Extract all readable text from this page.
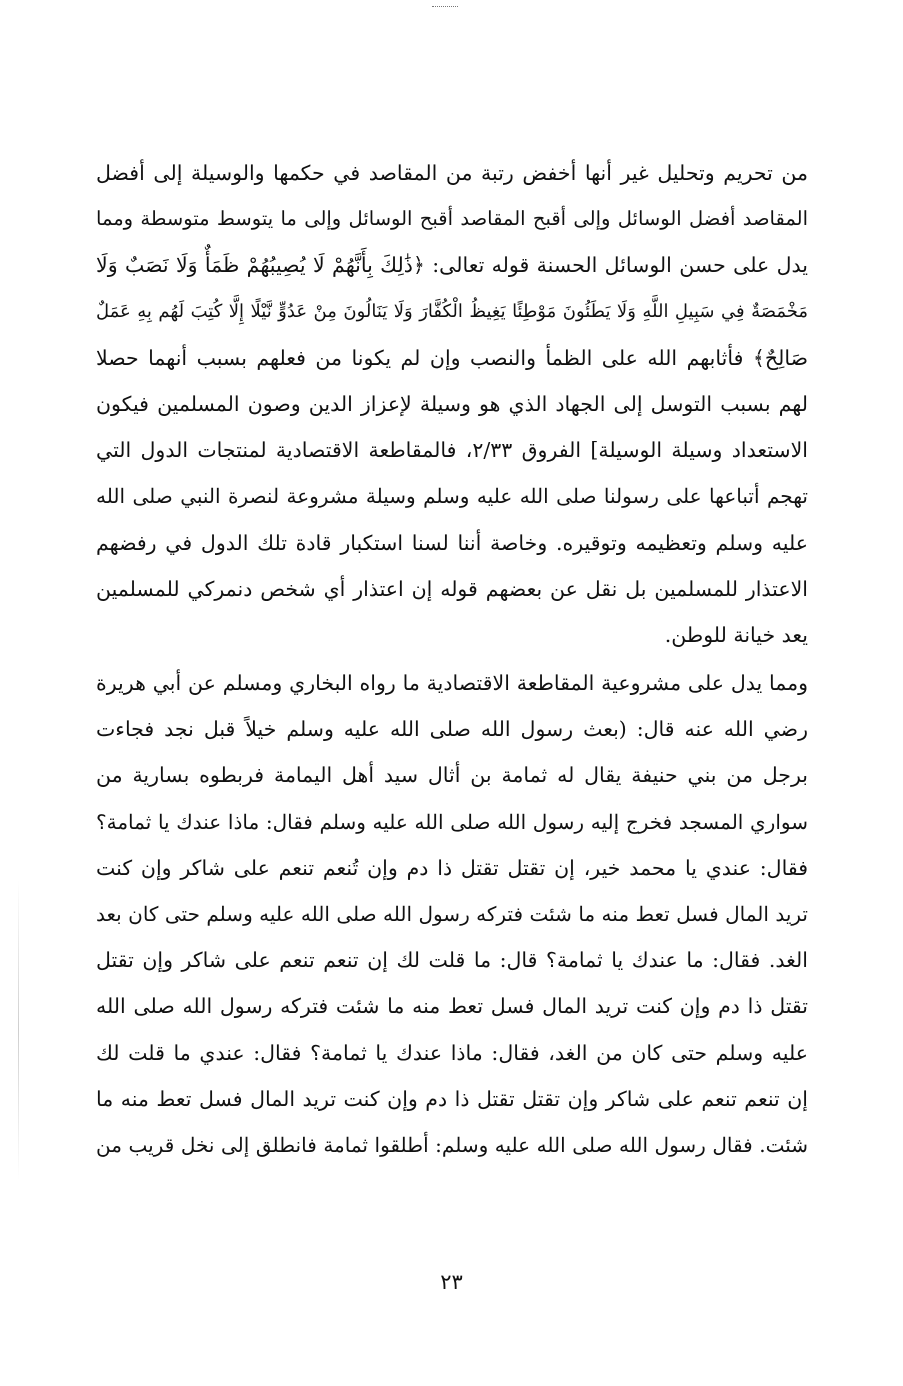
من تحريم وتحليل غير أنها أخفض رتبة من المقاصد في حكمها والوسيلة إلى أفضل
المقاصد أفضل الوسائل وإلى أقبح المقاصد أقبح الوسائل وإلى ما يتوسط متوسطة ومما
يدل على حسن الوسائل الحسنة قوله تعالى: ﴿ذَٰلِكَ بِأَنَّهُمْ لَا يُصِيبُهُمْ ظَمَأٌ وَلَا نَصَبٌ وَلَا
مَخْمَصَةٌ فِي سَبِيلِ اللَّهِ وَلَا يَطَئُونَ مَوْطِئًا يَغِيظُ الْكُفَّارَ وَلَا يَنَالُونَ مِنْ عَدُوٍّ نَّيْلًا إِلَّا كُتِبَ لَهُم بِهِ عَمَلٌ
صَالِحٌ﴾ فأثابهم الله على الظمأ والنصب وإن لم يكونا من فعلهم بسبب أنهما حصلا
لهم بسبب التوسل إلى الجهاد الذي هو وسيلة لإعزاز الدين وصون المسلمين فيكون
الاستعداد وسيلة الوسيلة] الفروق ٢/٣٣، فالمقاطعة الاقتصادية لمنتجات الدول التي
تهجم أتباعها على رسولنا صلى الله عليه وسلم وسيلة مشروعة لنصرة النبي صلى الله
عليه وسلم وتعظيمه وتوقيره. وخاصة أننا لسنا استكبار قادة تلك الدول في رفضهم
الاعتذار للمسلمين بل نقل عن بعضهم قوله إن اعتذار أي شخص دنمركي للمسلمين
يعد خيانة للوطن.
ومما يدل على مشروعية المقاطعة الاقتصادية ما رواه البخاري ومسلم عن أبي هريرة
رضي الله عنه قال: (بعث رسول الله صلى الله عليه وسلم خيلاً قبل نجد فجاءت
برجل من بني حنيفة يقال له ثمامة بن أثال سيد أهل اليمامة فربطوه بسارية من
سواري المسجد فخرج إليه رسول الله صلى الله عليه وسلم فقال: ماذا عندك يا ثمامة؟
فقال: عندي يا محمد خير، إن تقتل تقتل ذا دم وإن تُنعم تنعم على شاكر وإن كنت
تريد المال فسل تعط منه ما شئت فتركه رسول الله صلى الله عليه وسلم حتى كان بعد
الغد. فقال: ما عندك يا ثمامة؟ قال: ما قلت لك إن تنعم تنعم على شاكر وإن تقتل
تقتل ذا دم وإن كنت تريد المال فسل تعط منه ما شئت فتركه رسول الله صلى الله
عليه وسلم حتى كان من الغد، فقال: ماذا عندك يا ثمامة؟ فقال: عندي ما قلت لك
إن تنعم تنعم على شاكر وإن تقتل تقتل ذا دم وإن كنت تريد المال فسل تعط منه ما
شئت. فقال رسول الله صلى الله عليه وسلم: أطلقوا ثمامة فانطلق إلى نخل قريب من
٢٣
